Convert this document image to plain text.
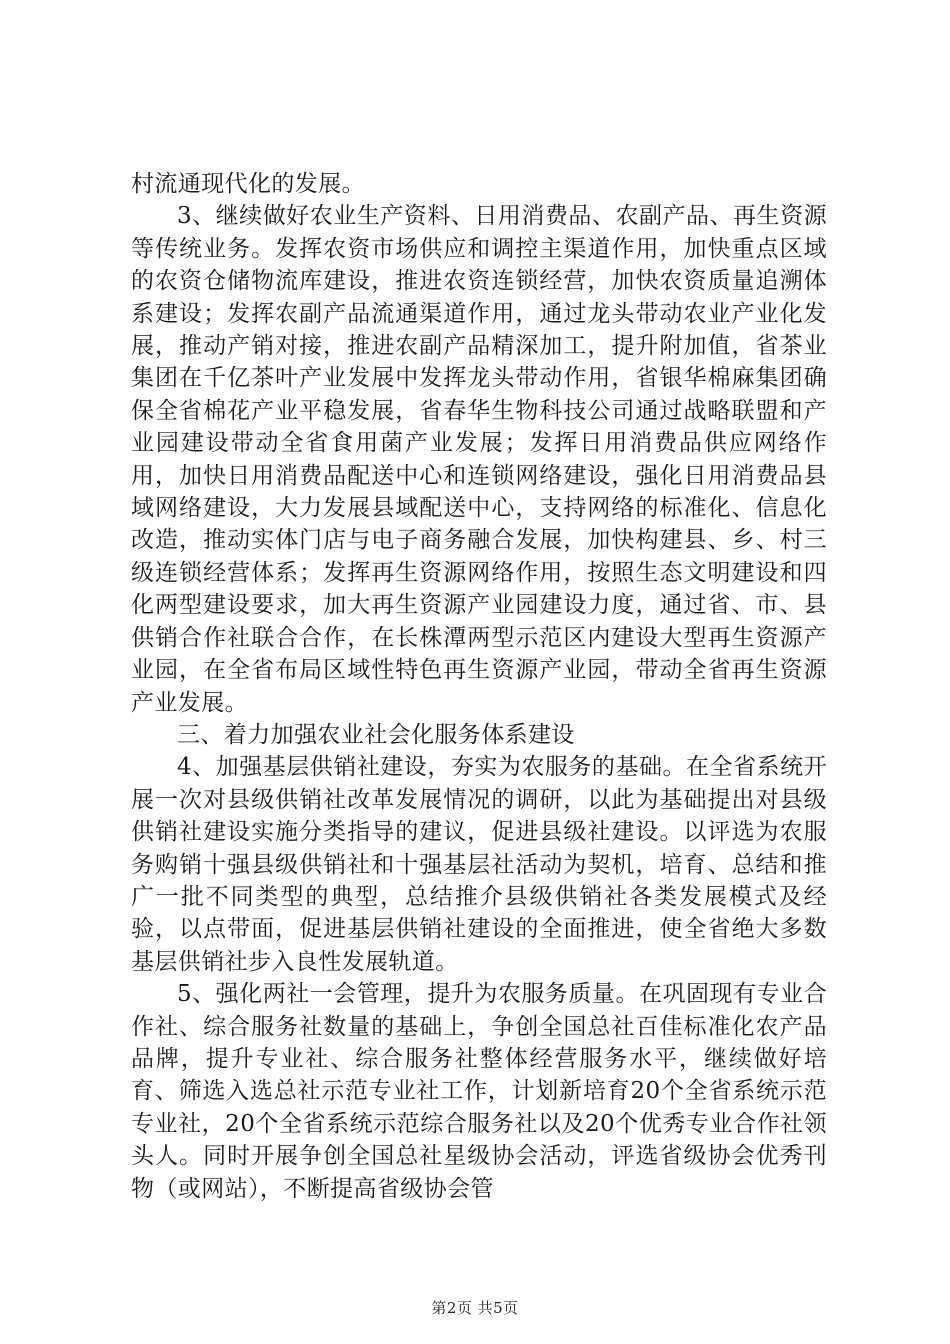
村流通现代化的发展。

3、继续做好农业生产资料、日用消费品、农副产品、再生资源等传统业务。发挥农资市场供应和调控主渠道作用，加快重点区域的农资仓储物流库建设，推进农资连锁经营，加快农资质量追溯体系建设；发挥农副产品流通渠道作用，通过龙头带动农业产业化发展，推动产销对接，推进农副产品精深加工，提升附加值，省茶业集团在千亿茶叶产业发展中发挥龙头带动作用，省银华棉麻集团确保全省棉花产业平稳发展，省春华生物科技公司通过战略联盟和产业园建设带动全省食用菌产业发展；发挥日用消费品供应网络作用，加快日用消费品配送中心和连锁网络建设，强化日用消费品县域网络建设，大力发展县域配送中心，支持网络的标准化、信息化改造，推动实体门店与电子商务融合发展，加快构建县、乡、村三级连锁经营体系；发挥再生资源网络作用，按照生态文明建设和四化两型建设要求，加大再生资源产业园建设力度，通过省、市、县供销合作社联合合作，在长株潭两型示范区内建设大型再生资源产业园，在全省布局区域性特色再生资源产业园，带动全省再生资源产业发展。

三、着力加强农业社会化服务体系建设

4、加强基层供销社建设，夯实为农服务的基础。在全省系统开展一次对县级供销社改革发展情况的调研，以此为基础提出对县级供销社建设实施分类指导的建议，促进县级社建设。以评选为农服务购销十强县级供销社和十强基层社活动为契机，培育、总结和推广一批不同类型的典型，总结推介县级供销社各类发展模式及经验，以点带面，促进基层供销社建设的全面推进，使全省绝大多数基层供销社步入良性发展轨道。

5、强化两社一会管理，提升为农服务质量。在巩固现有专业合作社、综合服务社数量的基础上，争创全国总社百佳标准化农产品品牌，提升专业社、综合服务社整体经营服务水平，继续做好培育、筛选入选总社示范专业社工作，计划新培育20个全省系统示范专业社，20个全省系统示范综合服务社以及20个优秀专业合作社领头人。同时开展争创全国总社星级协会活动，评选省级协会优秀刊物（或网站），不断提高省级协会管

第2页 共5页
